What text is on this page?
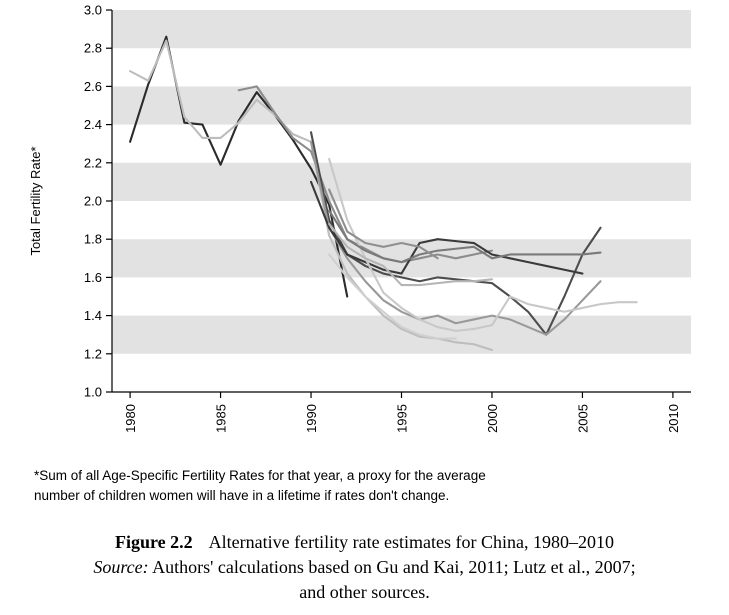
1.0
1.2
1.4
1.6
1.8
2.0
2.2
2.4
2.6
2.8
3.0
1980	1985	1990	1995	2000	2005	2010
Total Fertility Rate*
*Sum of all Age-Specific Fertility Rates for that year, a proxy for the average
number of children women will have in a lifetime if rates don't change.
Figure 2.2 Alternative fertility rate estimates for China, 1980–2010
Source: Authors' calculations based on Gu and Kai, 2011; Lutz et al., 2007;
and other sources.
